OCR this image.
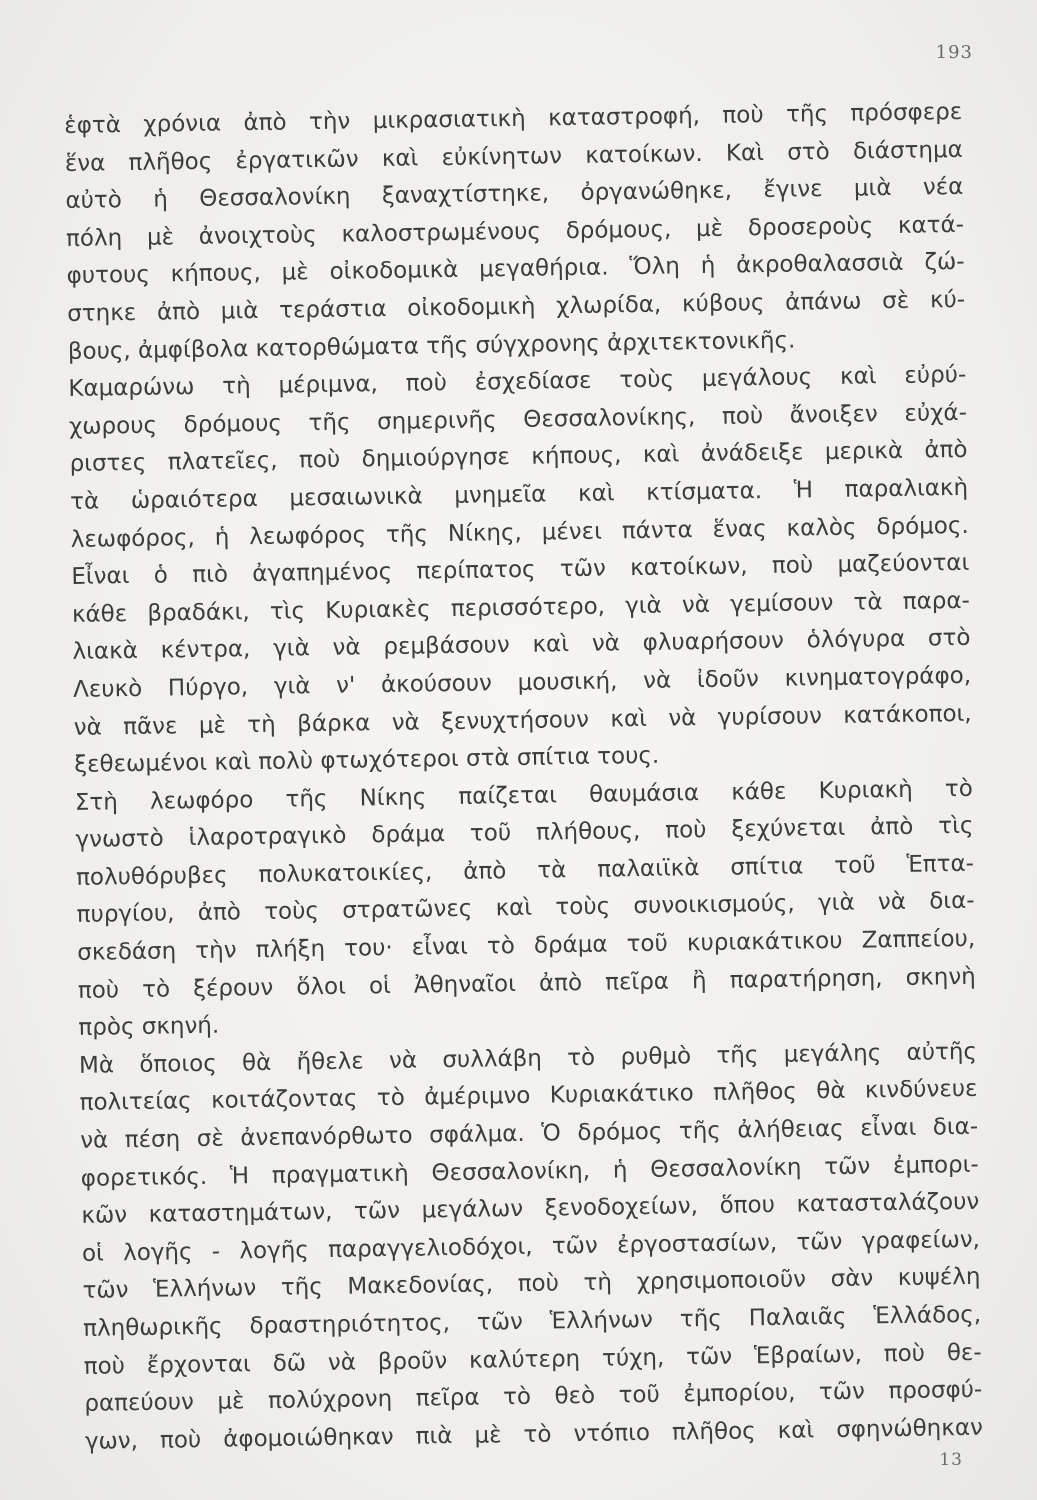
193
ἑφτὰ χρόνια ἀπὸ τὴν μικρασιατικὴ καταστροφή, ποὺ τῆς πρόσφερε
ἕνα πλῆθος ἐργατικῶν καὶ εὐκίνητων κατοίκων. Καὶ στὸ διάστημα
αὐτὸ ἡ Θεσσαλονίκη ξαναχτίστηκε, ὀργανώθηκε, ἔγινε μιὰ νέα
πόλη μὲ ἀνοιχτοὺς καλοστρωμένους δρόμους, μὲ δροσεροὺς κατά-
φυτους κήπους, μὲ οἰκοδομικὰ μεγαθήρια. Ὅλη ἡ ἀκροθαλασσιὰ ζώ-
στηκε ἀπὸ μιὰ τεράστια οἰκοδομικὴ χλωρίδα, κύβους ἀπάνω σὲ κύ-
βους, ἀμφίβολα κατορθώματα τῆς σύγχρονης ἀρχιτεκτονικῆς.
Καμαρώνω τὴ μέριμνα, ποὺ ἐσχεδίασε τοὺς μεγάλους καὶ εὐρύ-
χωρους δρόμους τῆς σημερινῆς Θεσσαλονίκης, ποὺ ἄνοιξεν εὐχά-
ριστες πλατεῖες, ποὺ δημιούργησε κήπους, καὶ ἀνάδειξε μερικὰ ἀπὸ
τὰ ὡραιότερα μεσαιωνικὰ μνημεῖα καὶ κτίσματα. Ἡ παραλιακὴ
λεωφόρος, ἡ λεωφόρος τῆς Νίκης, μένει πάντα ἕνας καλὸς δρόμος.
Εἶναι ὁ πιὸ ἀγαπημένος περίπατος τῶν κατοίκων, ποὺ μαζεύονται
κάθε βραδάκι, τὶς Κυριακὲς περισσότερο, γιὰ νὰ γεμίσουν τὰ παρα-
λιακὰ κέντρα, γιὰ νὰ ρεμβάσουν καὶ νὰ φλυαρήσουν ὁλόγυρα στὸ
Λευκὸ Πύργο, γιὰ ν' ἀκούσουν μουσική, νὰ ἰδοῦν κινηματογράφο,
νὰ πᾶνε μὲ τὴ βάρκα νὰ ξενυχτήσουν καὶ νὰ γυρίσουν κατάκοποι,
ξεθεωμένοι καὶ πολὺ φτωχότεροι στὰ σπίτια τους.
Στὴ λεωφόρο τῆς Νίκης παίζεται θαυμάσια κάθε Κυριακὴ τὸ
γνωστὸ ἱλαροτραγικὸ δράμα τοῦ πλήθους, ποὺ ξεχύνεται ἀπὸ τὶς
πολυθόρυβες πολυκατοικίες, ἀπὸ τὰ παλαιϊκὰ σπίτια τοῦ Ἑπτα-
πυργίου, ἀπὸ τοὺς στρατῶνες καὶ τοὺς συνοικισμούς, γιὰ νὰ δια-
σκεδάση τὴν πλήξη του· εἶναι τὸ δράμα τοῦ κυριακάτικου Ζαππείου,
ποὺ τὸ ξέρουν ὅλοι οἱ Ἀθηναῖοι ἀπὸ πεῖρα ἢ παρατήρηση, σκηνὴ
πρὸς σκηνή.
Μὰ ὅποιος θὰ ἤθελε νὰ συλλάβη τὸ ρυθμὸ τῆς μεγάλης αὐτῆς
πολιτείας κοιτάζοντας τὸ ἀμέριμνο Κυριακάτικο πλῆθος θὰ κινδύνευε
νὰ πέση σὲ ἀνεπανόρθωτο σφάλμα. Ὁ δρόμος τῆς ἀλήθειας εἶναι δια-
φορετικός. Ἡ πραγματικὴ Θεσσαλονίκη, ἡ Θεσσαλονίκη τῶν ἐμπορι-
κῶν καταστημάτων, τῶν μεγάλων ξενοδοχείων, ὅπου κατασταλάζουν
οἱ λογῆς - λογῆς παραγγελιοδόχοι, τῶν ἐργοστασίων, τῶν γραφείων,
τῶν Ἑλλήνων τῆς Μακεδονίας, ποὺ τὴ χρησιμοποιοῦν σὰν κυψέλη
πληθωρικῆς δραστηριότητος, τῶν Ἑλλήνων τῆς Παλαιᾶς Ἑλλάδος,
ποὺ ἔρχονται δῶ νὰ βροῦν καλύτερη τύχη, τῶν Ἑβραίων, ποὺ θε-
ραπεύουν μὲ πολύχρονη πεῖρα τὸ θεὸ τοῦ ἐμπορίου, τῶν προσφύ-
γων, ποὺ ἀφομοιώθηκαν πιὰ μὲ τὸ ντόπιο πλῆθος καὶ σφηνώθηκαν
13
